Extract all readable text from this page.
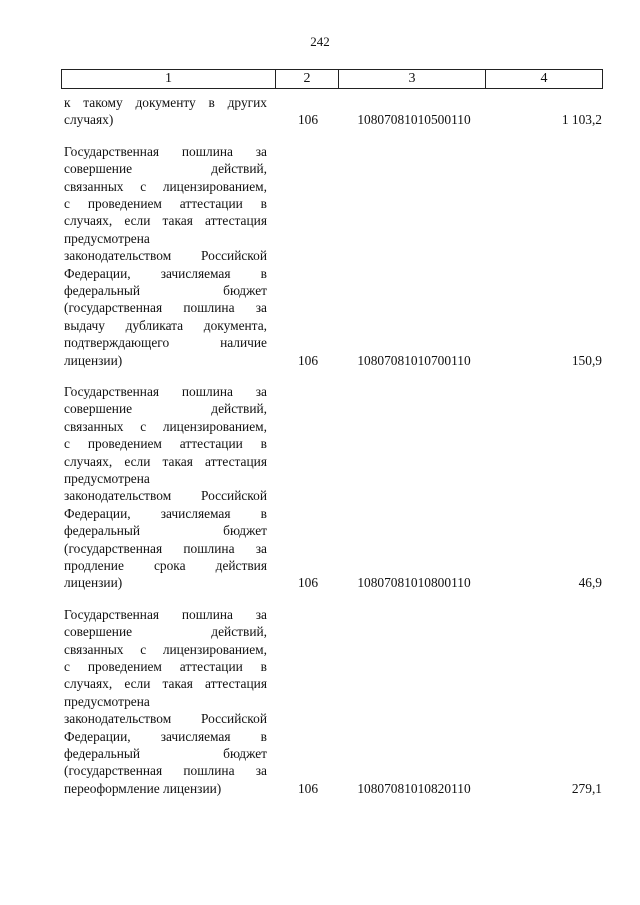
242
1	2	3	4
к такому документу в других
случаях)	106	10807081010500110	1 103,2
Государственная пошлина за
совершение действий,
связанных с лицензированием,
с проведением аттестации в
случаях, если такая аттестация
предусмотрена
законодательством Российской
Федерации, зачисляемая в
федеральный бюджет
(государственная пошлина за
выдачу дубликата документа,
подтверждающего наличие
лицензии)	106	10807081010700110	150,9
Государственная пошлина за
совершение действий,
связанных с лицензированием,
с проведением аттестации в
случаях, если такая аттестация
предусмотрена
законодательством Российской
Федерации, зачисляемая в
федеральный бюджет
(государственная пошлина за
продление срока действия
лицензии)	106	10807081010800110	46,9
Государственная пошлина за
совершение действий,
связанных с лицензированием,
с проведением аттестации в
случаях, если такая аттестация
предусмотрена
законодательством Российской
Федерации, зачисляемая в
федеральный бюджет
(государственная пошлина за
переоформление лицензии)	106	10807081010820110	279,1
